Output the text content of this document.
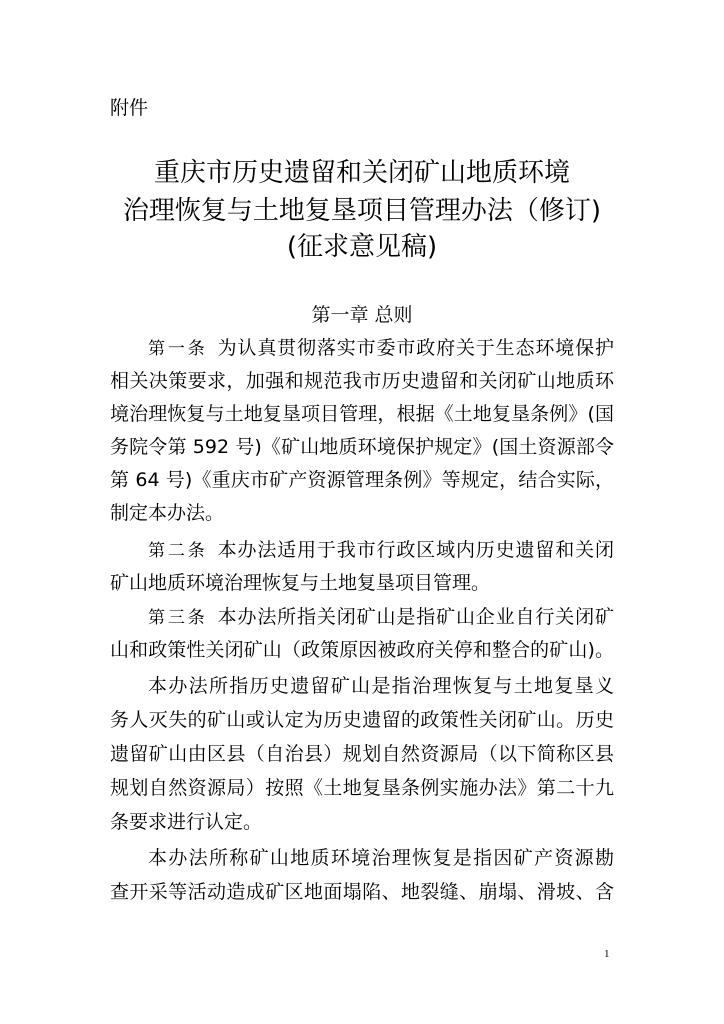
附件
重庆市历史遗留和关闭矿山地质环境
治理恢复与土地复垦项目管理办法（修订)
(征求意见稿)
第一章 总则
第一条 为认真贯彻落实市委市政府关于生态环境保护
相关决策要求，加强和规范我市历史遗留和关闭矿山地质环
境治理恢复与土地复垦项目管理，根据《土地复垦条例》(国
务院令第 592 号)《矿山地质环境保护规定》(国土资源部令
第 64 号)《重庆市矿产资源管理条例》等规定，结合实际，
制定本办法。
第二条 本办法适用于我市行政区域内历史遗留和关闭
矿山地质环境治理恢复与土地复垦项目管理。
第三条 本办法所指关闭矿山是指矿山企业自行关闭矿
山和政策性关闭矿山（政策原因被政府关停和整合的矿山)。
本办法所指历史遗留矿山是指治理恢复与土地复垦义
务人灭失的矿山或认定为历史遗留的政策性关闭矿山。历史
遗留矿山由区县（自治县）规划自然资源局（以下简称区县
规划自然资源局）按照《土地复垦条例实施办法》第二十九
条要求进行认定。
本办法所称矿山地质环境治理恢复是指因矿产资源勘
查开采等活动造成矿区地面塌陷、地裂缝、崩塌、滑坡、含
1
